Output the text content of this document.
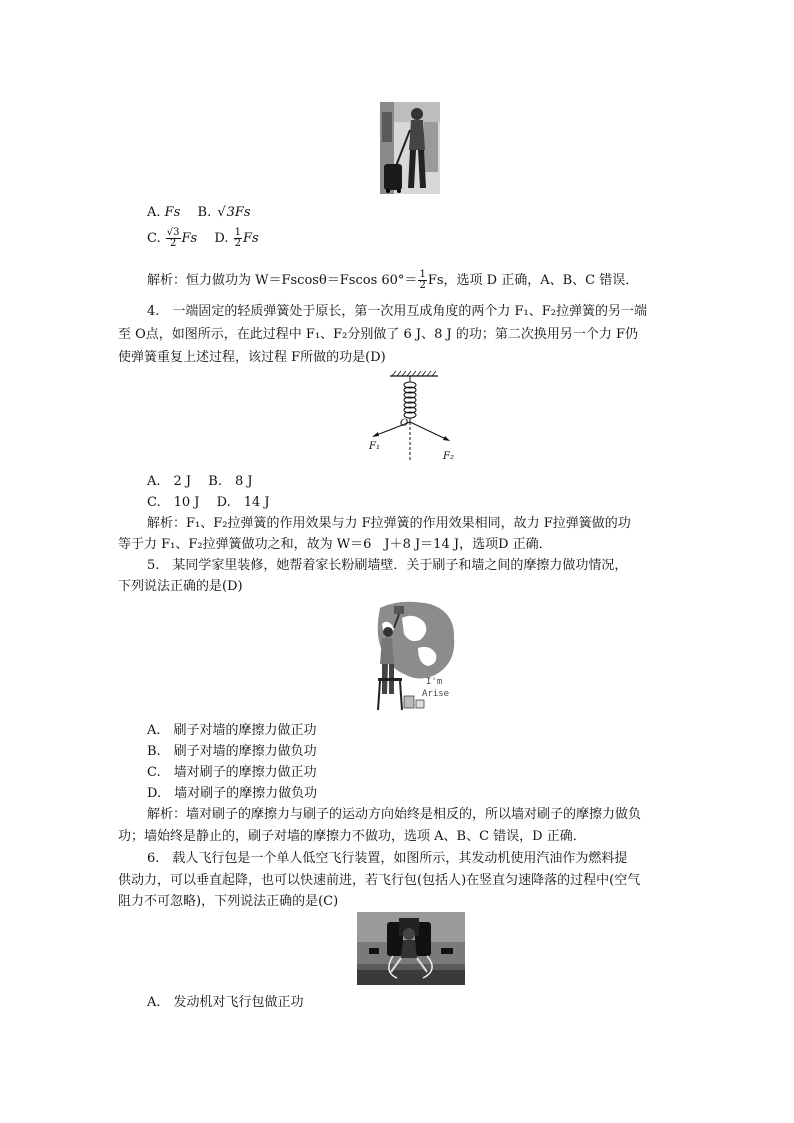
A. Fs　 B. √3Fs
C. $\frac{√3}{2}$ Fs　 D. $\frac{1}{2}$ Fs
解析：恒力做功为 W＝Fscosθ＝Fscos $60^\circ= \frac{1}{2}$ Fs，选项 D 正确，A、B、C 错误．
4.　一端固定的轻质弹簧处于原长，第一次用互成角度的两个力 F₁、F₂拉弹簧的另一端
至 O点，如图所示，在此过程中 F₁、F₂分别做了 6 J、8 J 的功；第二次换用另一个力 F仍
使弹簧重复上述过程，该过程 F所做的功是(D)
O
F₁
F₂
A.　2 J　 B.　8 J
C.　10 J　 D.　14 J
解析：F₁、F₂拉弹簧的作用效果与力 F拉弹簧的作用效果相同，故力 F拉弹簧做的功
等于力 F₁、F₂拉弹簧做功之和，故为 W＝6　J＋8 J＝14 J，选项D 正确．
5.　某同学家里装修，她帮着家长粉刷墙壁．关于刷子和墙之间的摩擦力做功情况，
下列说法正确的是(D)
I'm
Arise
A.　刷子对墙的摩擦力做正功
B.　刷子对墙的摩擦力做负功
C.　墙对刷子的摩擦力做正功
D.　墙对刷子的摩擦力做负功
解析：墙对刷子的摩擦力与刷子的运动方向始终是相反的，所以墙对刷子的摩擦力做负
功；墙始终是静止的，刷子对墙的摩擦力不做功，选项 A、B、C 错误，D 正确．
6.　载人飞行包是一个单人低空飞行装置，如图所示，其发动机使用汽油作为燃料提
供动力，可以垂直起降，也可以快速前进，若飞行包(包括人)在竖直匀速降落的过程中(空气
阻力不可忽略)，下列说法正确的是(C)
A.　发动机对飞行包做正功
